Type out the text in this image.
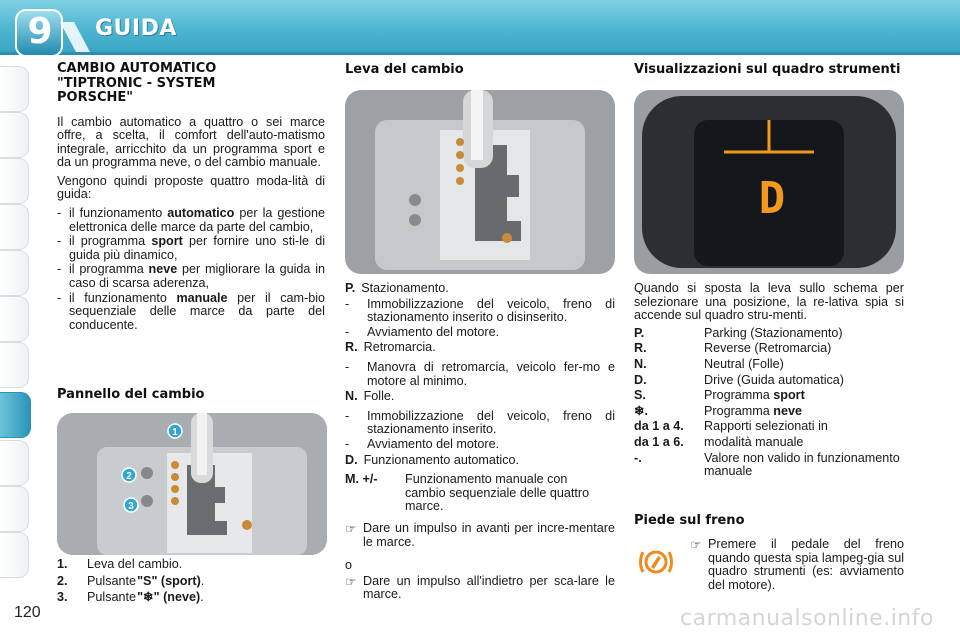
9	GUIDA
120
CAMBIO AUTOMATICO "TIPTRONIC - SYSTEM PORSCHE"

Il cambio automatico a quattro o sei marce offre, a scelta, il comfort dell'auto-matismo integrale, arricchito da un programma sport e da un programma neve, o del cambio manuale.

Vengono quindi proposte quattro moda-lità di guida:

- il funzionamento automatico per la gestione elettronica delle marce da parte del cambio,
- il programma sport per fornire uno sti-le di guida più dinamico,
- il programma neve per migliorare la guida in caso di scarsa aderenza,
- il funzionamento manuale per il cam-bio sequenziale delle marce da parte del conducente.
Pannello del cambio
1
2
3
1.	Leva del cambio.
2.	Pulsante
  "S" (sport) .
3.	Pulsante
  "❄" (neve) .
Leva del cambio
P. Stazionamento.
- Immobilizzazione del veicolo, freno di stazionamento inserito o disinserito.
- Avviamento del motore.
R. Retromarcia.
- Manovra di retromarcia, veicolo fer-mo e motore al minimo.
N. Folle.
- Immobilizzazione del veicolo, freno di stazionamento inserito.
- Avviamento del motore.
D. Funzionamento automatico.
M. +/-	Funzionamento manuale con cambio sequenziale delle quattro marce.
☞ Dare un impulso in avanti per incre-mentare le marce.
o
☞ Dare un impulso all'indietro per sca-lare le marce.
Visualizzazioni sul quadro strumenti
D

Quando si sposta la leva sullo schema per selezionare una posizione, la re-lativa spia si accende sul quadro stru-menti.

P.	Parking (Stazionamento)
R.	Reverse (Retromarcia)
N.	Neutral (Folle)
D.	Drive (Guida automatica)
S.	Programma sport
❄.	Programma neve
da 1 a 4.	Rapporti selezionati in
da 1 a 6.	modalità manuale
-.	Valore non valido in funzionamento manuale
Piede sul freno
☞ Premere il pedale del freno quando questa spia lampeg-gia sul quadro strumenti (es: avviamento del motore).
carmanualsonline.info
